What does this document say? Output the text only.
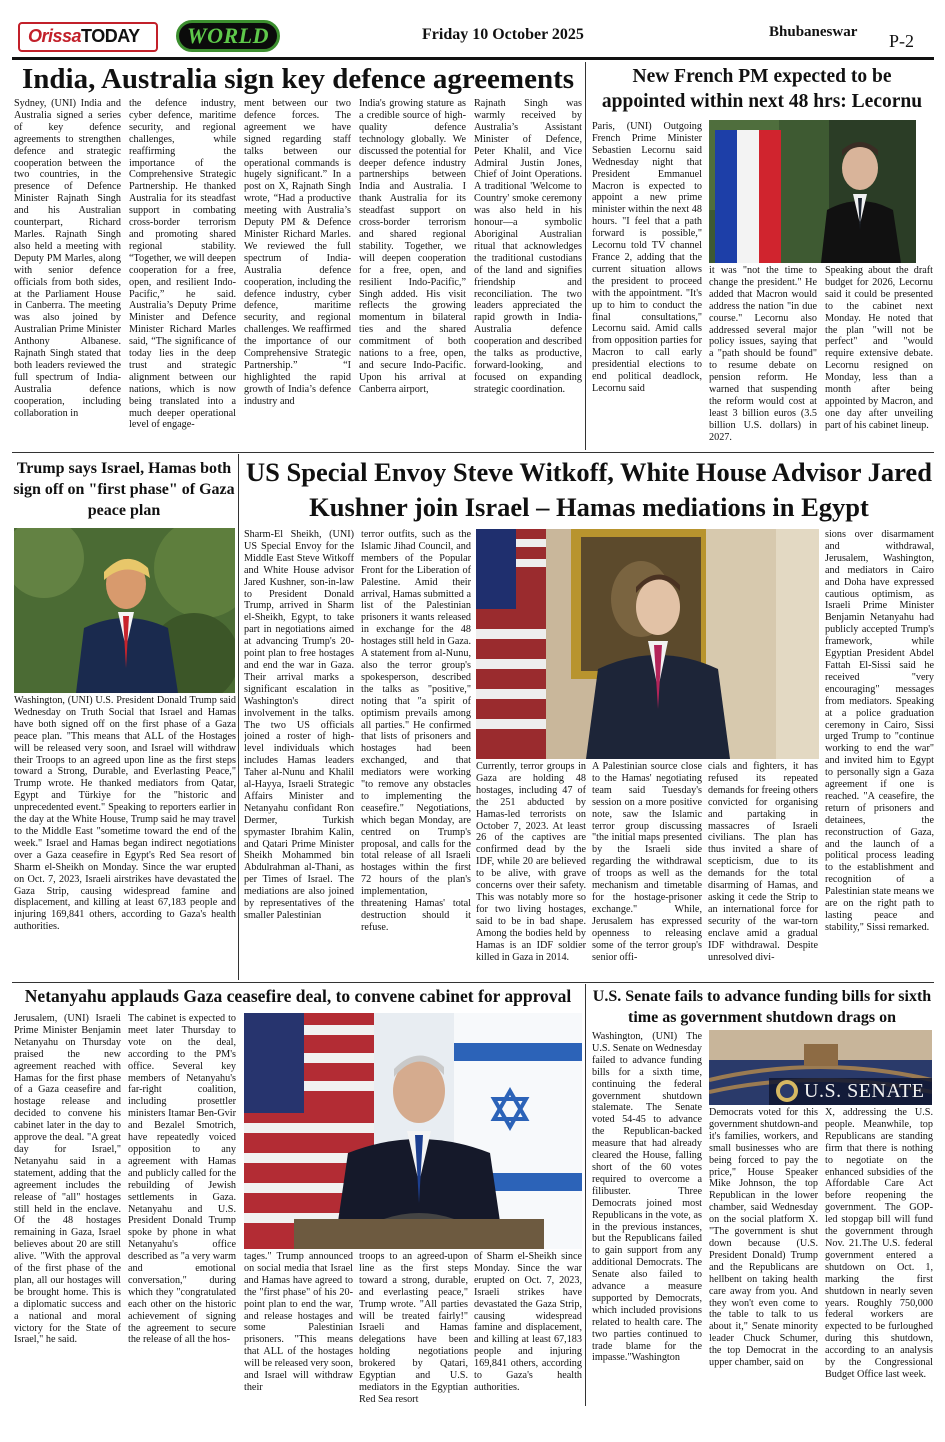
OrissaTODAY WORLD	Friday 10 October 2025	Bhubaneswar P-2
India, Australia sign key defence agreements
Sydney, (UNI) India and Australia signed a series of key defence agreements to strengthen defence and strategic cooperation between the two countries, in the presence of Defence Minister Rajnath Singh and his Australian counterpart, Richard Marles. Rajnath Singh also held a meeting with Deputy PM Marles, along with senior defence officials from both sides, at the Parliament House in Canberra. The meeting was also joined by Australian Prime Minister Anthony Albanese. Rajnath Singh stated that both leaders reviewed the full spectrum of India-Australia defence cooperation, including collaboration in
the defence industry, cyber defence, maritime security, and regional challenges, while reaffirming the importance of the Comprehensive Strategic Partnership. He thanked Australia for its steadfast support in combating cross-border terrorism and promoting shared regional stability. “Together, we will deepen cooperation for a free, open, and resilient Indo-Pacific,” he said. Australia’s Deputy Prime Minister and Defence Minister Richard Marles said, “The significance of today lies in the deep trust and strategic alignment between our nations, which is now being translated into a much deeper operational level of engage-
ment between our two defence forces. The agreement we have signed regarding staff talks between our operational commands is hugely significant.” In a post on X, Rajnath Singh wrote, “Had a productive meeting with Australia’s Deputy PM & Defence Minister Richard Marles. We reviewed the full spectrum of India-Australia defence cooperation, including the defence industry, cyber defence, maritime security, and regional challenges. We reaffirmed the importance of our Comprehensive Strategic Partnership.” “I highlighted the rapid growth of India’s defence industry and
India's growing stature as a credible source of high-quality defence technology globally. We discussed the potential for deeper defence industry partnerships between India and Australia. I thank Australia for its steadfast support on cross-border terrorism and shared regional stability. Together, we will deepen cooperation for a free, open, and resilient Indo-Pacific,” Singh added. His visit reflects the growing momentum in bilateral ties and the shared commitment of both nations to a free, open, and secure Indo-Pacific. Upon his arrival at Canberra airport,
Rajnath Singh was warmly received by Australia’s Assistant Minister of Defence, Peter Khalil, and Vice Admiral Justin Jones, Chief of Joint Operations. A traditional 'Welcome to Country' smoke ceremony was also held in his honour—a symbolic Aboriginal Australian ritual that acknowledges the traditional custodians of the land and signifies friendship and reconciliation. The two leaders appreciated the rapid growth in India-Australia defence cooperation and described the talks as productive, forward-looking, and focused on expanding strategic coordination.
New French PM expected to be appointed within next 48 hrs: Lecornu
Paris, (UNI) Outgoing French Prime Minister Sebastien Lecornu said Wednesday night that President Emmanuel Macron is expected to appoint a new prime minister within the next 48 hours. "I feel that a path forward is possible," Lecornu told TV channel France 2, adding that the current situation allows the president to proceed with the appointment. "It's up to him to conduct the final consultations," Lecornu said. Amid calls from opposition parties for Macron to call early presidential elections to end political deadlock, Lecornu said
it was "not the time to change the president." He added that Macron would address the nation "in due course." Lecornu also addressed several major policy issues, saying that a "path should be found" to resume debate on pension reform. He warned that suspending the reform would cost at least 3 billion euros (3.5 billion U.S. dollars) in 2027.
Speaking about the draft budget for 2026, Lecornu said it could be presented to the cabinet next Monday. He noted that the plan "will not be perfect" and "would require extensive debate. Lecornu resigned on Monday, less than a month after being appointed by Macron, and one day after unveiling part of his cabinet lineup.
Trump says Israel, Hamas both sign off on "first phase" of Gaza peace plan
Washington, (UNI) U.S. President Donald Trump said Wednesday on Truth Social that Israel and Hamas have both signed off on the first phase of a Gaza peace plan. "This means that ALL of the Hostages will be released very soon, and Israel will withdraw their Troops to an agreed upon line as the first steps toward a Strong, Durable, and Everlasting Peace," Trump wrote. He thanked mediators from Qatar, Egypt and Türkiye for the "historic and unprecedented event." Speaking to reporters earlier in the day at the White House, Trump said he may travel to the Middle East "sometime toward the end of the week." Israel and Hamas began indirect negotiations over a Gaza ceasefire in Egypt's Red Sea resort of Sharm el-Sheikh on Monday. Since the war erupted on Oct. 7, 2023, Israeli airstrikes have devastated the Gaza Strip, causing widespread famine and displacement, and killing at least 67,183 people and injuring 169,841 others, according to Gaza's health authorities.
US Special Envoy Steve Witkoff, White House Advisor Jared Kushner join Israel – Hamas mediations in Egypt
Sharm-El Sheikh, (UNI) US Special Envoy for the Middle East Steve Witkoff and White House advisor Jared Kushner, son-in-law to President Donald Trump, arrived in Sharm el-Sheikh, Egypt, to take part in negotiations aimed at advancing Trump's 20-point plan to free hostages and end the war in Gaza. Their arrival marks a significant escalation in Washington's direct involvement in the talks. The two US officials joined a roster of high-level individuals which includes Hamas leaders Taher al-Nunu and Khalil al-Hayya, Israeli Strategic Affairs Minister and Netanyahu confidant Ron Dermer, Turkish spymaster Ibrahim Kalin, and Qatari Prime Minister Sheikh Mohammed bin Abdulrahman al-Thani, as per Times of Israel. The mediations are also joined by representatives of the smaller Palestinian
terror outfits, such as the Islamic Jihad Council, and members of the Popular Front for the Liberation of Palestine. Amid their arrival, Hamas submitted a list of the Palestinian prisoners it wants released in exchange for the 48 hostages still held in Gaza. A statement from al-Nunu, also the terror group's spokesperson, described the talks as "positive," noting that "a spirit of optimism prevails among all parties." He confirmed that lists of prisoners and hostages had been exchanged, and that mediators were working "to remove any obstacles to implementing the ceasefire." Negotiations, which began Monday, are centred on Trump's proposal, and calls for the total release of all Israeli hostages within the first 72 hours of the plan's implementation, threatening Hamas' total destruction should it refuse.
Currently, terror groups in Gaza are holding 48 hostages, including 47 of the 251 abducted by Hamas-led terrorists on October 7, 2023. At least 26 of the captives are confirmed dead by the IDF, while 20 are believed to be alive, with grave concerns over their safety. This was notably more so for two living hostages, said to be in bad shape. Among the bodies held by Hamas is an IDF soldier killed in Gaza in 2014.
A Palestinian source close to the Hamas' negotiating team said Tuesday's session on a more positive note, saw the Islamic terror group discussing "the initial maps presented by the Israeli side regarding the withdrawal of troops as well as the mechanism and timetable for the hostage-prisoner exchange." While, Jerusalem has expressed openness to releasing some of the terror group's senior offi-
cials and fighters, it has refused its repeated demands for freeing others convicted for organising and partaking in massacres of Israeli civilians. The plan has thus invited a share of scepticism, due to its demands for the total disarming of Hamas, and asking it cede the Strip to an international force for security of the war-torn enclave amid a gradual IDF withdrawal. Despite unresolved divi-
sions over disarmament and withdrawal, Jerusalem, Washington, and mediators in Cairo and Doha have expressed cautious optimism, as Israeli Prime Minister Benjamin Netanyahu had publicly accepted Trump's framework, while Egyptian President Abdel Fattah El-Sissi said he received "very encouraging" messages from mediators. Speaking at a police graduation ceremony in Cairo, Sissi urged Trump to "continue working to end the war" and invited him to Egypt to personally sign a Gaza agreement if one is reached. "A ceasefire, the return of prisoners and detainees, the reconstruction of Gaza, and the launch of a political process leading to the establishment and recognition of a Palestinian state means we are on the right path to lasting peace and stability," Sissi remarked.
Netanyahu applauds Gaza ceasefire deal, to convene cabinet for approval
Jerusalem, (UNI) Israeli Prime Minister Benjamin Netanyahu on Thursday praised the new agreement reached with Hamas for the first phase of a Gaza ceasefire and hostage release and decided to convene his cabinet later in the day to approve the deal. "A great day for Israel," Netanyahu said in a statement, adding that the agreement includes the release of "all" hostages still held in the enclave. Of the 48 hostages remaining in Gaza, Israel believes about 20 are still alive. "With the approval of the first phase of the plan, all our hostages will be brought home. This is a diplomatic success and a national and moral victory for the State of Israel," he said.
The cabinet is expected to meet later Thursday to vote on the deal, according to the PM's office. Several key members of Netanyahu's far-right coalition, including prosettler ministers Itamar Ben-Gvir and Bezalel Smotrich, have repeatedly voiced opposition to any agreement with Hamas and publicly called for the rebuilding of Jewish settlements in Gaza. Netanyahu and U.S. President Donald Trump spoke by phone in what Netanyahu's office described as "a very warm and emotional conversation," during which they "congratulated each other on the historic achievement of signing the agreement to secure the release of all the hos-
tages." Trump announced on social media that Israel and Hamas have agreed to the "first phase" of his 20-point plan to end the war, and release hostages and some Palestinian prisoners. "This means that ALL of the hostages will be released very soon, and Israel will withdraw their
troops to an agreed-upon line as the first steps toward a strong, durable, and everlasting peace," Trump wrote. "All parties will be treated fairly!" Israeli and Hamas delegations have been holding negotiations brokered by Qatari, Egyptian and U.S. mediators in the Egyptian Red Sea resort
of Sharm el-Sheikh since Monday. Since the war erupted on Oct. 7, 2023, Israeli strikes have devastated the Gaza Strip, causing widespread famine and displacement, and killing at least 67,183 people and injuring 169,841 others, according to Gaza's health authorities.
U.S. Senate fails to advance funding bills for sixth time as government shutdown drags on
Washington, (UNI) The U.S. Senate on Wednesday failed to advance funding bills for a sixth time, continuing the federal government shutdown stalemate. The Senate voted 54-45 to advance the Republican-backed measure that had already cleared the House, falling short of the 60 votes required to overcome a filibuster. Three Democrats joined most Republicans in the vote, as in the previous instances, but the Republicans failed to gain support from any additional Democrats. The Senate also failed to advance a measure supported by Democrats, which included provisions related to health care. The two parties continued to trade blame for the impasse."Washington
U.S. SENATE
Democrats voted for this government shutdown-and it's families, workers, and small businesses who are being forced to pay the price," House Speaker Mike Johnson, the top Republican in the lower chamber, said Wednesday on the social platform X. "The government is shut down because (U.S. President Donald) Trump and the Republicans are hellbent on taking health care away from you. And they won't even come to the table to talk to us about it," Senate minority leader Chuck Schumer, the top Democrat in the upper chamber, said on
X, addressing the U.S. people. Meanwhile, top Republicans are standing firm that there is nothing to negotiate on the enhanced subsidies of the Affordable Care Act before reopening the government. The GOP-led stopgap bill will fund the government through Nov. 21.The U.S. federal government entered a shutdown on Oct. 1, marking the first shutdown in nearly seven years. Roughly 750,000 federal workers are expected to be furloughed during this shutdown, according to an analysis by the Congressional Budget Office last week.
